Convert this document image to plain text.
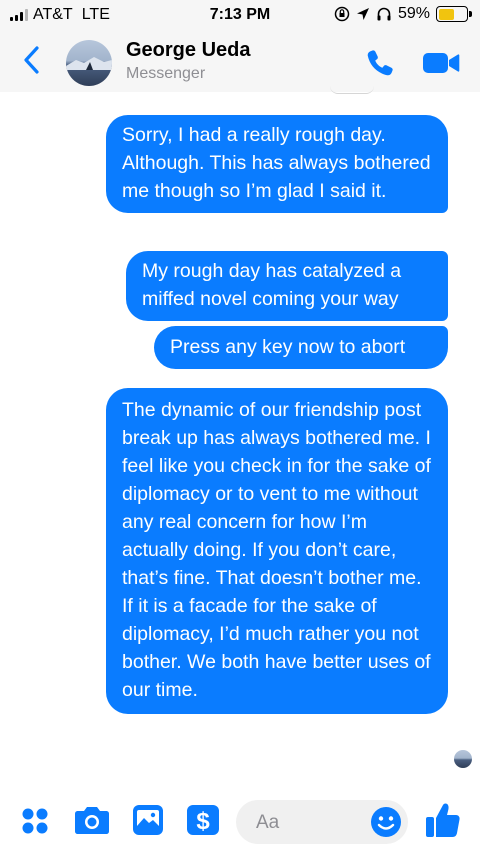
AT&T LTE	7:13 PM	59%
George Ueda
Messenger
Sorry, I had a really rough day. Although. This has always bothered me though so I’m glad I said it.
My rough day has catalyzed a miffed novel coming your way
Press any key now to abort
The dynamic of our friendship post break up has always bothered me. I feel like you check in for the sake of diplomacy or to vent to me without any real concern for how I’m actually doing. If you don’t care, that’s fine. That doesn’t bother me. If it is a facade for the sake of diplomacy, I’d much rather you not bother. We both have better uses of our time.
$ Aa
